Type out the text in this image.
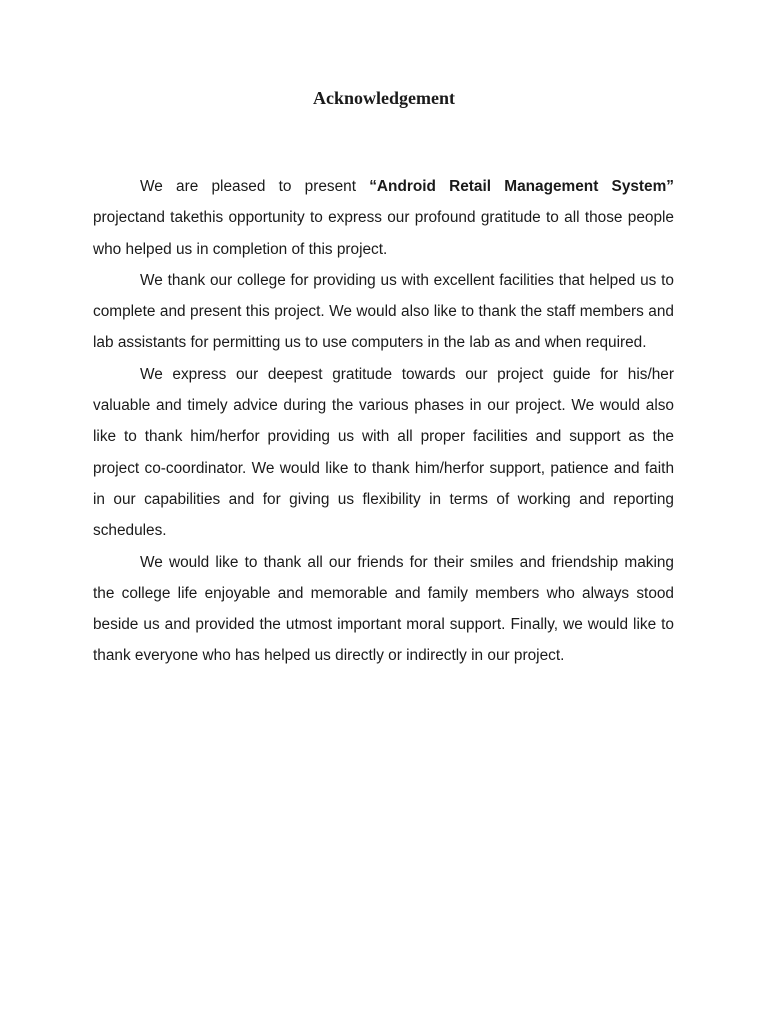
Acknowledgement

We are pleased to present “Android Retail Management System” projectand takethis opportunity to express our profound gratitude to all those people who helped us in completion of this project.

We thank our college for providing us with excellent facilities that helped us to complete and present this project. We would also like to thank the staff members and lab assistants for permitting us to use computers in the lab as and when required.

We express our deepest gratitude towards our project guide for his/her valuable and timely advice during the various phases in our project. We would also like to thank him/herfor providing us with all proper facilities and support as the project co-coordinator. We would like to thank him/herfor support, patience and faith in our capabilities and for giving us flexibility in terms of working and reporting schedules.

We would like to thank all our friends for their smiles and friendship making the college life enjoyable and memorable and family members who always stood beside us and provided the utmost important moral support. Finally, we would like to thank everyone who has helped us directly or indirectly in our project.
